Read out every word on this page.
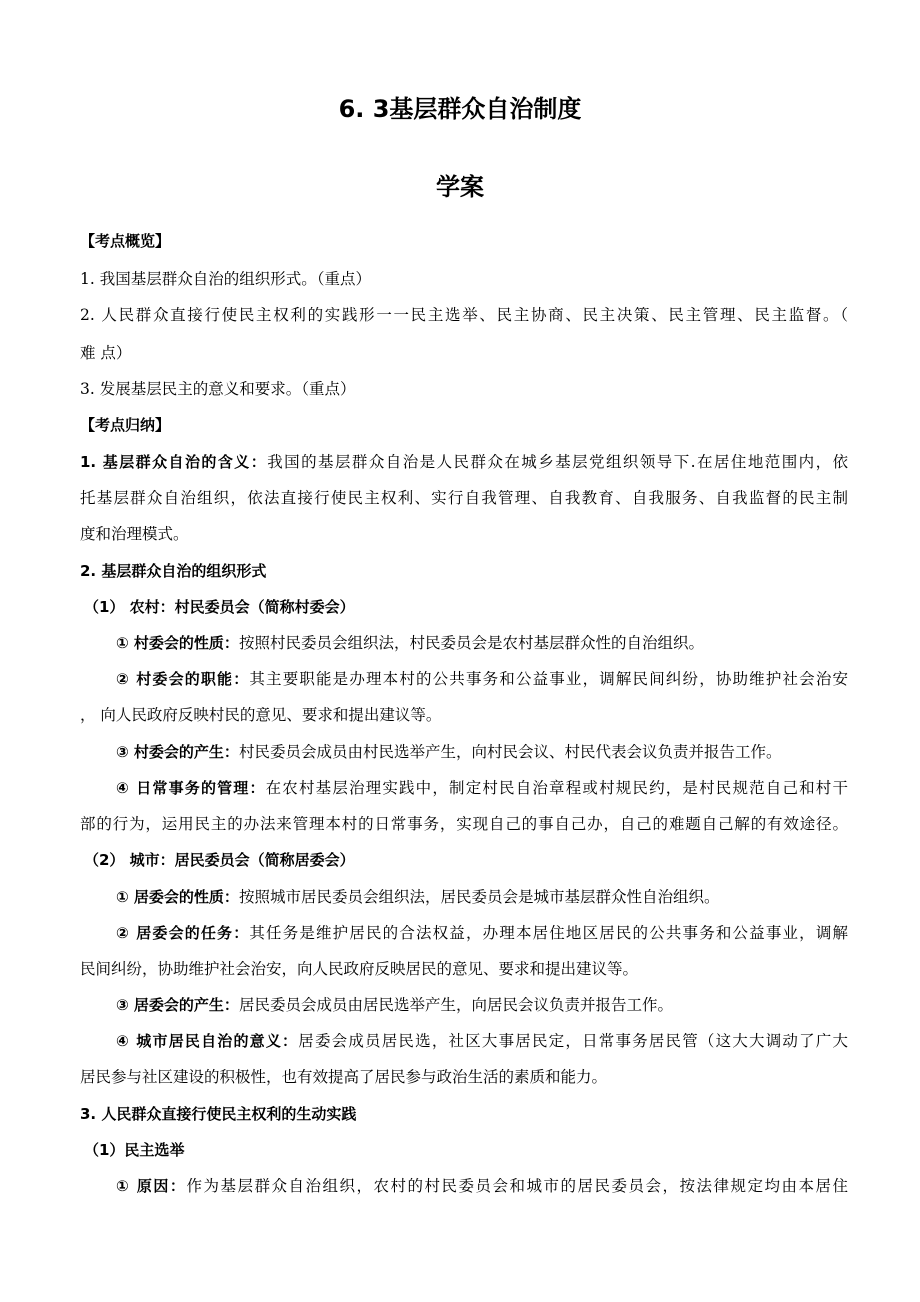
6. 3基层群众自治制度
学案

【考点概览】

1. 我国基层群众自治的组织形式。（重点）

2. 人民群众直接行使民主权利的实践形一一民主选举、民主协商、民主决策、民主管理、民主监督。（

难 点）

3. 发展基层民主的意义和要求。（重点）

【考点归纳】

1. 基层群众自治的含义：我国的基层群众自治是人民群众在城乡基层党组织领导下.在居住地范围内，依

托基层群众自治组织，依法直接行使民主权利、实行自我管理、自我教育、自我服务、自我监督的民主制

度和治理模式。

2. 基层群众自治的组织形式

（1） 农村：村民委员会（简称村委会）

① 村委会的性质：按照村民委员会组织法，村民委员会是农村基层群众性的自治组织。

② 村委会的职能：其主要职能是办理本村的公共事务和公益事业，调解民间纠纷，协助维护社会治安

， 向人民政府反映村民的意见、要求和提出建议等。

③ 村委会的产生：村民委员会成员由村民选举产生，向村民会议、村民代表会议负责并报告工作。

④ 日常事务的管理：在农村基层治理实践中，制定村民自治章程或村规民约，是村民规范自己和村干

部的行为，运用民主的办法来管理本村的日常事务，实现自己的事自己办，自己的难题自己解的有效途径。

（2） 城市：居民委员会（简称居委会）

① 居委会的性质：按照城市居民委员会组织法，居民委员会是城市基层群众性自治组织。

② 居委会的任务：其任务是维护居民的合法权益，办理本居住地区居民的公共事务和公益事业，调解

民间纠纷，协助维护社会治安，向人民政府反映居民的意见、要求和提出建议等。

③ 居委会的产生：居民委员会成员由居民选举产生，向居民会议负责并报告工作。

④ 城市居民自治的意义：居委会成员居民选，社区大事居民定，日常事务居民管（这大大调动了广大

居民参与社区建设的积极性，也有效提高了居民参与政治生活的素质和能力。

3. 人民群众直接行使民主权利的生动实践

（1）民主选举

① 原因：作为基层群众自治组织，农村的村民委员会和城市的居民委员会，按法律规定均由本居住
